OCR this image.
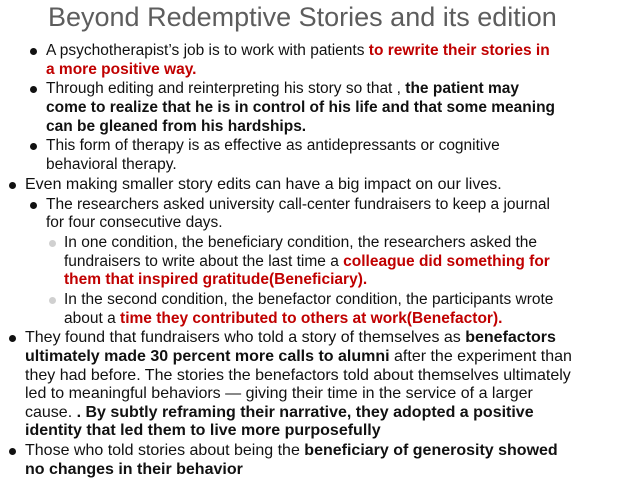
Beyond Redemptive Stories and its edition
A psychotherapist’s job is to work with patients to rewrite their stories in
a more positive way.
Through editing and reinterpreting his story so that , the patient may
come to realize that he is in control of his life and that some meaning
can be gleaned from his hardships.
This form of therapy is as effective as antidepressants or cognitive
behavioral therapy.
Even making smaller story edits can have a big impact on our lives.
The researchers asked university call-center fundraisers to keep a journal
for four consecutive days.
In one condition, the beneficiary condition, the researchers asked the
fundraisers to write about the last time a colleague did something for
them that inspired gratitude(Beneficiary).
In the second condition, the benefactor condition, the participants wrote
about a time they contributed to others at work(Benefactor).
They found that fundraisers who told a story of themselves as benefactors
ultimately made 30 percent more calls to alumni after the experiment than
they had before. The stories the benefactors told about themselves ultimately
led to meaningful behaviors — giving their time in the service of a larger
cause. . By subtly reframing their narrative, they adopted a positive
identity that led them to live more purposefully
Those who told stories about being the beneficiary of generosity showed
no changes in their behavior
